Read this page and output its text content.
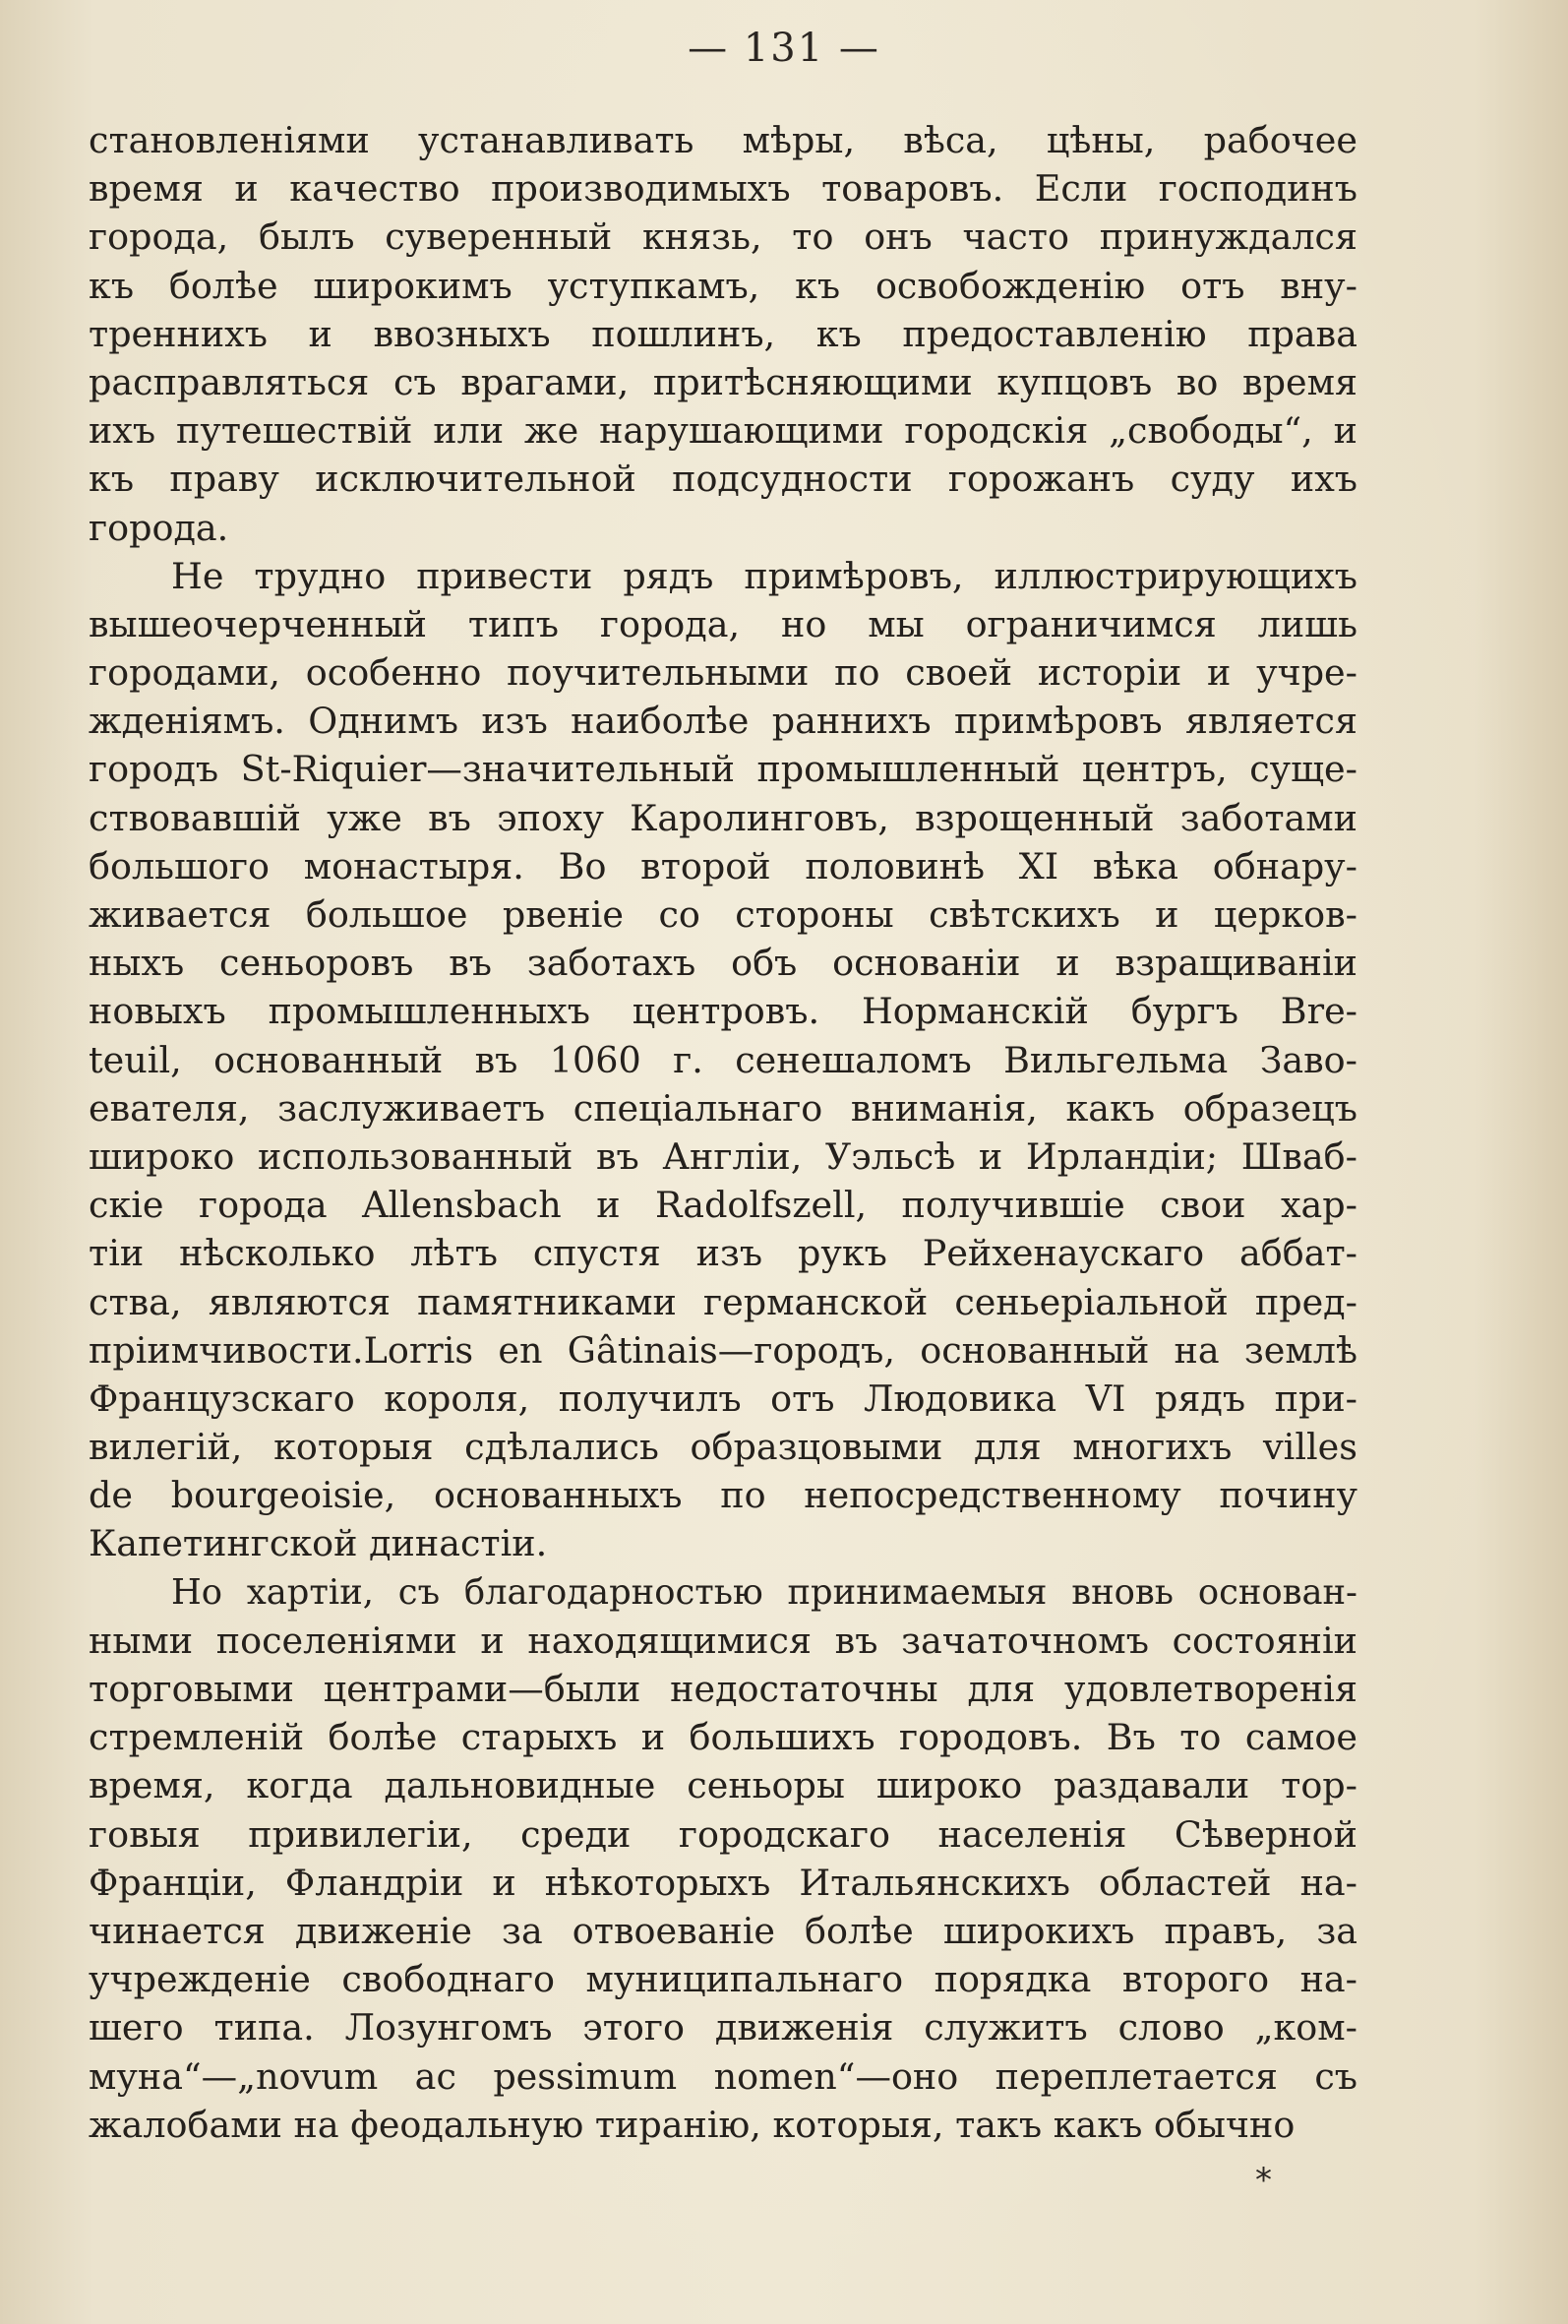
— 131 —
становленіями устанавливать мѣры, вѣса, цѣны, рабочее
время и качество производимыхъ товаровъ. Если господинъ
города, былъ суверенный князь, то онъ часто принуждался
къ болѣе широкимъ уступкамъ, къ освобожденію отъ вну-
треннихъ и ввозныхъ пошлинъ, къ предоставленію права
расправляться съ врагами, притѣсняющими купцовъ во время
ихъ путешествій или же нарушающими городскія „свободы“, и
къ праву исключительной подсудности горожанъ суду ихъ
города.
Не трудно привести рядъ примѣровъ, иллюстрирующихъ
вышеочерченный типъ города, но мы ограничимся лишь
городами, особенно поучительными по своей исторіи и учре-
жденіямъ. Однимъ изъ наиболѣе раннихъ примѣровъ является
городъ St-Riquier—значительный промышленный центръ, суще-
ствовавшій уже въ эпоху Каролинговъ, взрощенный заботами
большого монастыря. Во второй половинѣ XI вѣка обнару-
живается большое рвеніе со стороны свѣтскихъ и церков-
ныхъ сеньоровъ въ заботахъ объ основаніи и взращиваніи
новыхъ промышленныхъ центровъ. Норманскій бургъ Bre-
teuil, основанный въ 1060 г. сенешаломъ Вильгельма Заво-
евателя, заслуживаетъ спеціальнаго вниманія, какъ образецъ
широко использованный въ Англіи, Уэльсѣ и Ирландіи; Шваб-
скіе города Allensbach и Radolfszell, получившіе свои хар-
тіи нѣсколько лѣтъ спустя изъ рукъ Рейхенаускаго аббат-
ства, являются памятниками германской сеньеріальной пред-
пріимчивости.Lorris en Gâtinais—городъ, основанный на землѣ
Французскаго короля, получилъ отъ Людовика VI рядъ при-
вилегій, которыя сдѣлались образцовыми для многихъ villes
de bourgeoisie, основанныхъ по непосредственному почину
Капетингской династіи.
Но хартіи, съ благодарностью принимаемыя вновь основан-
ными поселеніями и находящимися въ зачаточномъ состояніи
торговыми центрами—были недостаточны для удовлетворенія
стремленій болѣе старыхъ и большихъ городовъ. Въ то самое
время, когда дальновидные сеньоры широко раздавали тор-
говыя привилегіи, среди городскаго населенія Сѣверной
Франціи, Фландріи и нѣкоторыхъ Итальянскихъ областей на-
чинается движеніе за отвоеваніе болѣе широкихъ правъ, за
учрежденіе свободнаго муниципальнаго порядка второго на-
шего типа. Лозунгомъ этого движенія служитъ слово „ком-
муна“—„novum ac pessimum nomen“—оно переплетается съ
жалобами на феодальную тиранію, которыя, такъ какъ обычно
*
